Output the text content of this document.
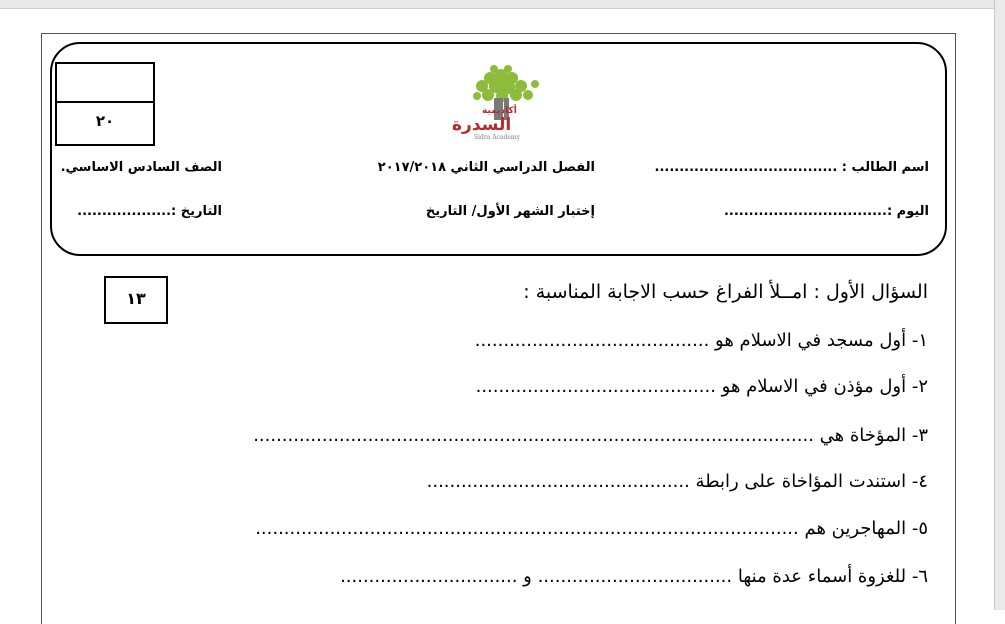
٢٠
أكاديمية
السدرة
Sidra Academy
اسم الطالب : .....................................
الفصل الدراسي الثاني ٢٠١٧/٢٠١٨
الصف السادس الاساسي.
اليوم :.................................
إختبار الشهر الأول/ التاريخ
التاريخ :...................
١٣	السؤال الأول : امــلأ الفراغ حسب الاجابة المناسبة :
١- أول مسجد في الاسلام هو .........................................
٢- أول مؤذن في الاسلام هو ..........................................
٣- المؤخاة هي ..................................................................................................
٤- استندت المؤاخاة على رابطة ..............................................
٥- المهاجرين هم ...............................................................................................
٦- للغزوة أسماء عدة منها .................................. و ...............................
